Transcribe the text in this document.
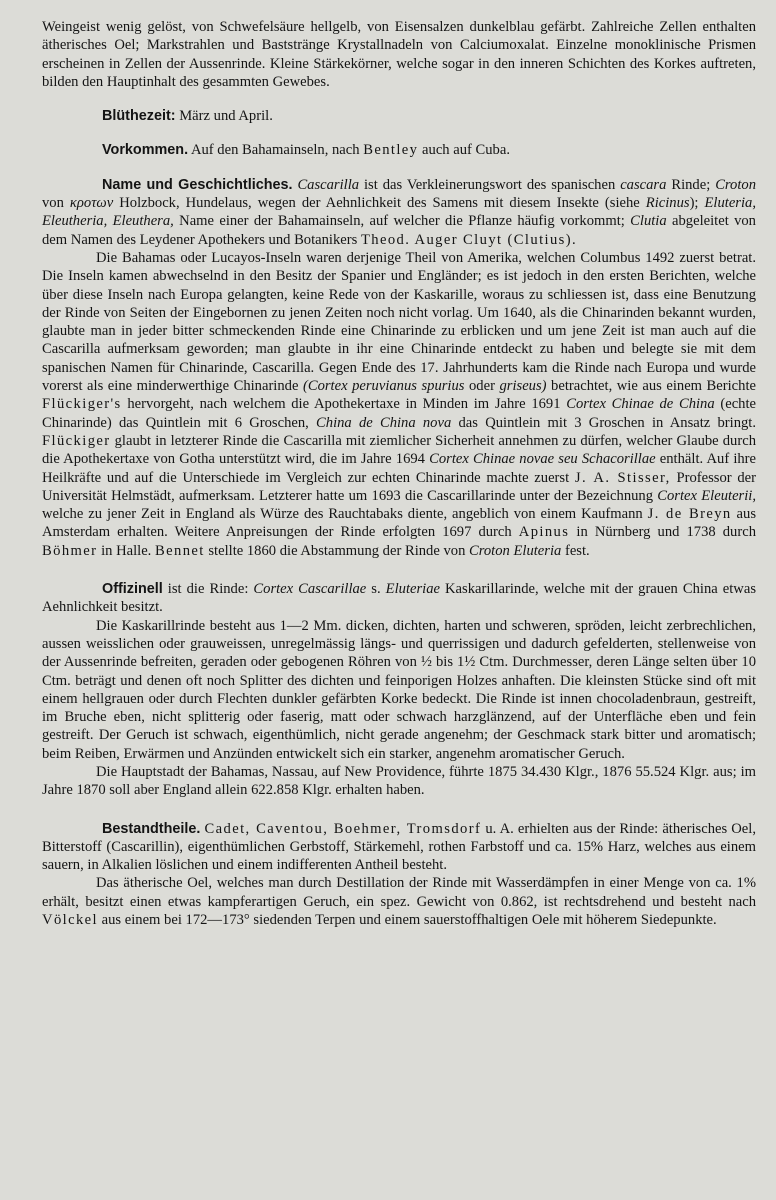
Weingeist wenig gelöst, von Schwefelsäure hellgelb, von Eisensalzen dunkelblau gefärbt. Zahlreiche Zellen enthalten ätherisches Oel; Markstrahlen und Baststränge Krystallnadeln von Calciumoxalat. Einzelne monoklinische Prismen erscheinen in Zellen der Aussenrinde. Kleine Stärkekörner, welche sogar in den inneren Schichten des Korkes auftreten, bilden den Hauptinhalt des gesammten Gewebes.

Blüthezeit: März und April.

Vorkommen. Auf den Bahamainseln, nach Bentley auch auf Cuba.

Name und Geschichtliches. Cascarilla ist das Verkleinerungswort des spanischen cascara Rinde; Croton von κροτων Holzbock, Hundelaus, wegen der Aehnlichkeit des Samens mit diesem Insekte (siehe Ricinus); Eluteria, Eleutheria, Eleuthera, Name einer der Bahamainseln, auf welcher die Pflanze häufig vorkommt; Clutia abgeleitet von dem Namen des Leydener Apothekers und Botanikers Theod. Auger Cluyt (Clutius).

Die Bahamas oder Lucayos-Inseln waren derjenige Theil von Amerika, welchen Columbus 1492 zuerst betrat. Die Inseln kamen abwechselnd in den Besitz der Spanier und Engländer; es ist jedoch in den ersten Berichten, welche über diese Inseln nach Europa gelangten, keine Rede von der Kaskarille, woraus zu schliessen ist, dass eine Benutzung der Rinde von Seiten der Eingebornen zu jenen Zeiten noch nicht vorlag. Um 1640, als die Chinarinden bekannt wurden, glaubte man in jeder bitter schmeckenden Rinde eine Chinarinde zu erblicken und um jene Zeit ist man auch auf die Cascarilla aufmerksam geworden; man glaubte in ihr eine Chinarinde entdeckt zu haben und belegte sie mit dem spanischen Namen für Chinarinde, Cascarilla. Gegen Ende des 17. Jahrhunderts kam die Rinde nach Europa und wurde vorerst als eine minderwerthige Chinarinde (Cortex peruvianus spurius oder griseus) betrachtet, wie aus einem Berichte Flückiger's hervorgeht, nach welchem die Apothekertaxe in Minden im Jahre 1691 Cortex Chinae de China (echte Chinarinde) das Quintlein mit 6 Groschen, China de China nova das Quintlein mit 3 Groschen in Ansatz bringt. Flückiger glaubt in letzterer Rinde die Cascarilla mit ziemlicher Sicherheit annehmen zu dürfen, welcher Glaube durch die Apothekertaxe von Gotha unterstützt wird, die im Jahre 1694 Cortex Chinae novae seu Schacorillae enthält. Auf ihre Heilkräfte und auf die Unterschiede im Vergleich zur echten Chinarinde machte zuerst J. A. Stisser, Professor der Universität Helmstädt, aufmerksam. Letzterer hatte um 1693 die Cascarillarinde unter der Bezeichnung Cortex Eleuterii, welche zu jener Zeit in England als Würze des Rauchtabaks diente, angeblich von einem Kaufmann J. de Breyn aus Amsterdam erhalten. Weitere Anpreisungen der Rinde erfolgten 1697 durch Apinus in Nürnberg und 1738 durch Böhmer in Halle. Bennet stellte 1860 die Abstammung der Rinde von Croton Eluteria fest.

Offizinell ist die Rinde: Cortex Cascarillae s. Eluteriae Kaskarillarinde, welche mit der grauen China etwas Aehnlichkeit besitzt.

Die Kaskarillrinde besteht aus 1—2 Mm. dicken, dichten, harten und schweren, spröden, leicht zerbrechlichen, aussen weisslichen oder grauweissen, unregelmässig längs- und querrissigen und dadurch gefelderten, stellenweise von der Aussenrinde befreiten, geraden oder gebogenen Röhren von ½ bis 1½ Ctm. Durchmesser, deren Länge selten über 10 Ctm. beträgt und denen oft noch Splitter des dichten und feinporigen Holzes anhaften. Die kleinsten Stücke sind oft mit einem hellgrauen oder durch Flechten dunkler gefärbten Korke bedeckt. Die Rinde ist innen chocoladenbraun, gestreift, im Bruche eben, nicht splitterig oder faserig, matt oder schwach harzglänzend, auf der Unterfläche eben und fein gestreift. Der Geruch ist schwach, eigenthümlich, nicht gerade angenehm; der Geschmack stark bitter und aromatisch; beim Reiben, Erwärmen und Anzünden entwickelt sich ein starker, angenehm aromatischer Geruch.

Die Hauptstadt der Bahamas, Nassau, auf New Providence, führte 1875 34.430 Klgr., 1876 55.524 Klgr. aus; im Jahre 1870 soll aber England allein 622.858 Klgr. erhalten haben.

Bestandtheile. Cadet, Caventou, Boehmer, Tromsdorf u. A. erhielten aus der Rinde: ätherisches Oel, Bitterstoff (Cascarillin), eigenthümlichen Gerbstoff, Stärkemehl, rothen Farbstoff und ca. 15% Harz, welches aus einem sauern, in Alkalien löslichen und einem indifferenten Antheil besteht.

Das ätherische Oel, welches man durch Destillation der Rinde mit Wasserdämpfen in einer Menge von ca. 1% erhält, besitzt einen etwas kampferartigen Geruch, ein spez. Gewicht von 0.862, ist rechtsdrehend und besteht nach Völckel aus einem bei 172—173° siedenden Terpen und einem sauerstoffhaltigen Oele mit höherem Siedepunkte.
